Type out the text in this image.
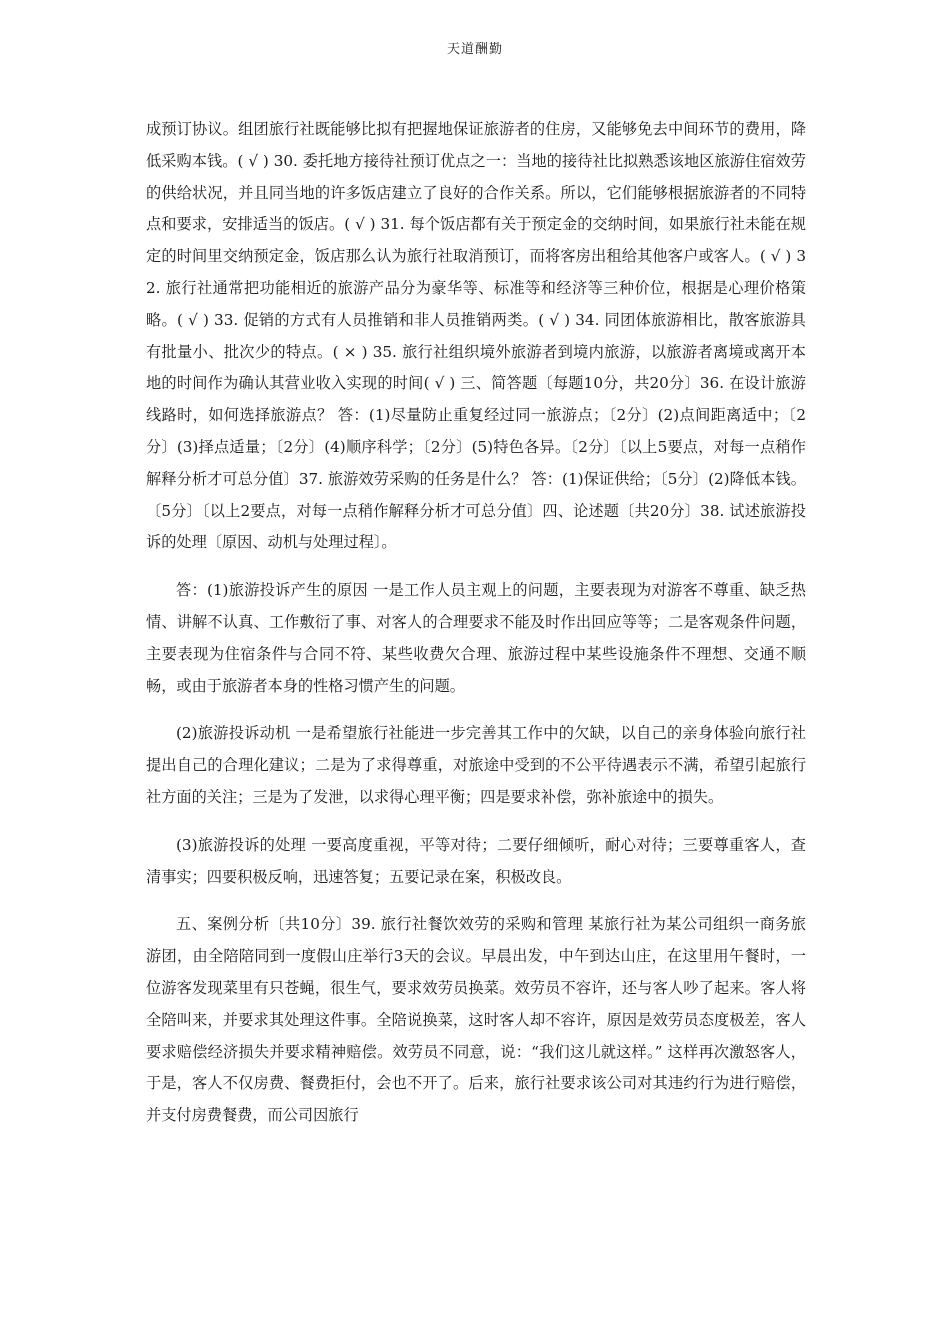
天道酬勤

成预订协议。组团旅行社既能够比拟有把握地保证旅游者的住房，又能够免去中间环节的费用，降低采购本钱。( √ ) 30. 委托地方接待社预订优点之一：当地的接待社比拟熟悉该地区旅游住宿效劳的供给状况，并且同当地的许多饭店建立了良好的合作关系。所以，它们能够根据旅游者的不同特点和要求，安排适当的饭店。( √ ) 31. 每个饭店都有关于预定金的交纳时间，如果旅行社未能在规定的时间里交纳预定金，饭店那么认为旅行社取消预订，而将客房出租给其他客户或客人。( √ ) 32. 旅行社通常把功能相近的旅游产品分为豪华等、标准等和经济等三种价位，根据是心理价格策略。( √ ) 33. 促销的方式有人员推销和非人员推销两类。( √ ) 34. 同团体旅游相比，散客旅游具有批量小、批次少的特点。( × ) 35. 旅行社组织境外旅游者到境内旅游，以旅游者离境或离开本地的时间作为确认其营业收入实现的时间( √ ) 三、简答题〔每题10分，共20分〕36. 在设计旅游线路时，如何选择旅游点？ 答：(1)尽量防止重复经过同一旅游点；〔2分〕(2)点间距离适中；〔2分〕(3)择点适量；〔2分〕(4)顺序科学；〔2分〕(5)特色各异。〔2分〕〔以上5要点，对每一点稍作解释分析才可总分值〕37. 旅游效劳采购的任务是什么？ 答：(1)保证供给；〔5分〕(2)降低本钱。〔5分〕〔以上2要点，对每一点稍作解释分析才可总分值〕四、论述题〔共20分〕38. 试述旅游投诉的处理〔原因、动机与处理过程〕。

答：(1)旅游投诉产生的原因 一是工作人员主观上的问题，主要表现为对游客不尊重、缺乏热情、讲解不认真、工作敷衍了事、对客人的合理要求不能及时作出回应等等；二是客观条件问题，主要表现为住宿条件与合同不符、某些收费欠合理、旅游过程中某些设施条件不理想、交通不顺畅，或由于旅游者本身的性格习惯产生的问题。

(2)旅游投诉动机 一是希望旅行社能进一步完善其工作中的欠缺，以自己的亲身体验向旅行社提出自己的合理化建议；二是为了求得尊重，对旅途中受到的不公平待遇表示不满，希望引起旅行社方面的关注；三是为了发泄，以求得心理平衡；四是要求补偿，弥补旅途中的损失。

(3)旅游投诉的处理 一要高度重视，平等对待；二要仔细倾听，耐心对待；三要尊重客人，查清事实；四要积极反响，迅速答复；五要记录在案，积极改良。

五、案例分析〔共10分〕39. 旅行社餐饮效劳的采购和管理 某旅行社为某公司组织一商务旅游团，由全陪陪同到一度假山庄举行3天的会议。早晨出发，中午到达山庄，在这里用午餐时，一位游客发现菜里有只苍蝇，很生气，要求效劳员换菜。效劳员不容许，还与客人吵了起来。客人将全陪叫来，并要求其处理这件事。全陪说换菜，这时客人却不容许，原因是效劳员态度极差，客人要求赔偿经济损失并要求精神赔偿。效劳员不同意，说：“我们这儿就这样。” 这样再次激怒客人，于是，客人不仅房费、餐费拒付，会也不开了。后来，旅行社要求该公司对其违约行为进行赔偿，并支付房费餐费，而公司因旅行
